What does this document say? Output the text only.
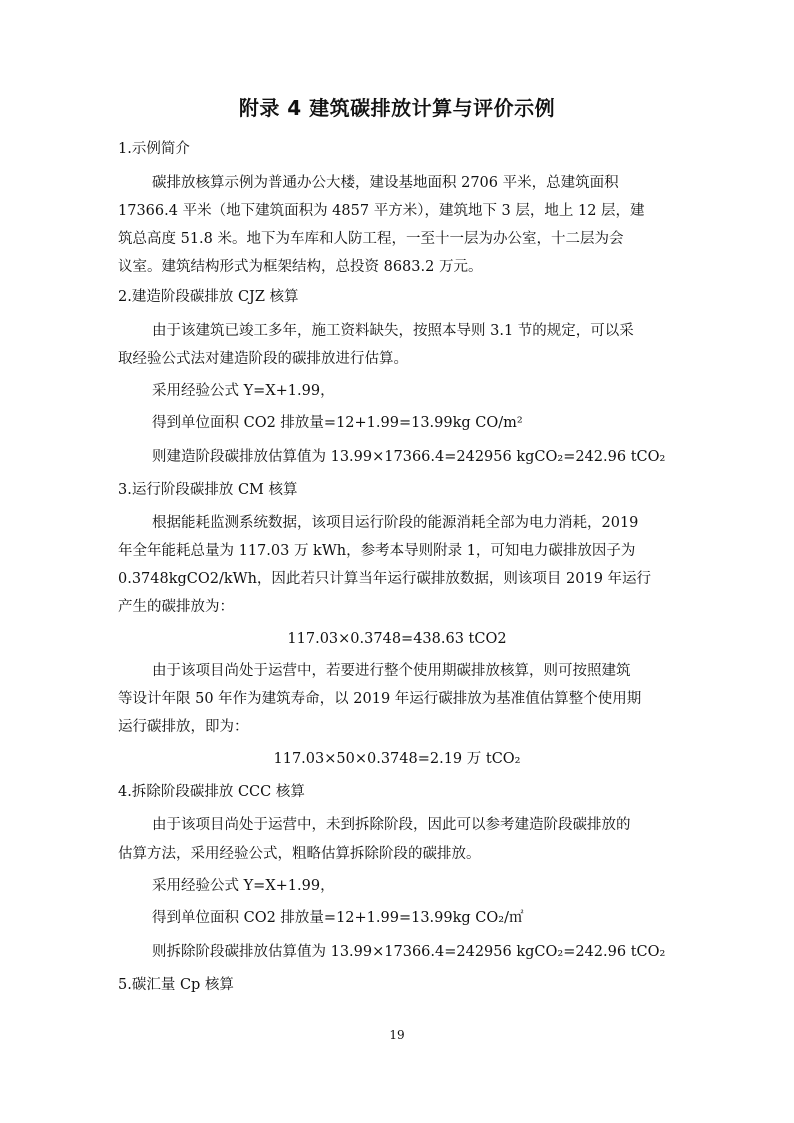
附录 4 建筑碳排放计算与评价示例
1.示例简介
碳排放核算示例为普通办公大楼，建设基地面积 2706 平米，总建筑面积
17366.4 平米（地下建筑面积为 4857 平方米），建筑地下 3 层，地上 12 层，建
筑总高度 51.8 米。地下为车库和人防工程，一至十一层为办公室，十二层为会
议室。建筑结构形式为框架结构，总投资 8683.2 万元。
2.建造阶段碳排放 CJZ 核算
由于该建筑已竣工多年，施工资料缺失，按照本导则 3.1 节的规定，可以采
取经验公式法对建造阶段的碳排放进行估算。
采用经验公式 Y=X+1.99，
得到单位面积 CO2 排放量=12+1.99=13.99kg CO/m²
则建造阶段碳排放估算值为 13.99×17366.4=242956 kgCO₂=242.96 tCO₂
3.运行阶段碳排放 CM 核算
根据能耗监测系统数据，该项目运行阶段的能源消耗全部为电力消耗，2019
年全年能耗总量为 117.03 万 kWh，参考本导则附录 1，可知电力碳排放因子为
0.3748kgCO2/kWh，因此若只计算当年运行碳排放数据，则该项目 2019 年运行
产生的碳排放为：
117.03×0.3748=438.63 tCO2
由于该项目尚处于运营中，若要进行整个使用期碳排放核算，则可按照建筑
等设计年限 50 年作为建筑寿命，以 2019 年运行碳排放为基准值估算整个使用期
运行碳排放，即为：
117.03×50×0.3748=2.19 万 tCO₂
4.拆除阶段碳排放 CCC 核算
由于该项目尚处于运营中，未到拆除阶段，因此可以参考建造阶段碳排放的
估算方法，采用经验公式，粗略估算拆除阶段的碳排放。
采用经验公式 Y=X+1.99，
得到单位面积 CO2 排放量=12+1.99=13.99kg CO₂/㎡
则拆除阶段碳排放估算值为 13.99×17366.4=242956 kgCO₂=242.96 tCO₂
5.碳汇量 Cp 核算
19
